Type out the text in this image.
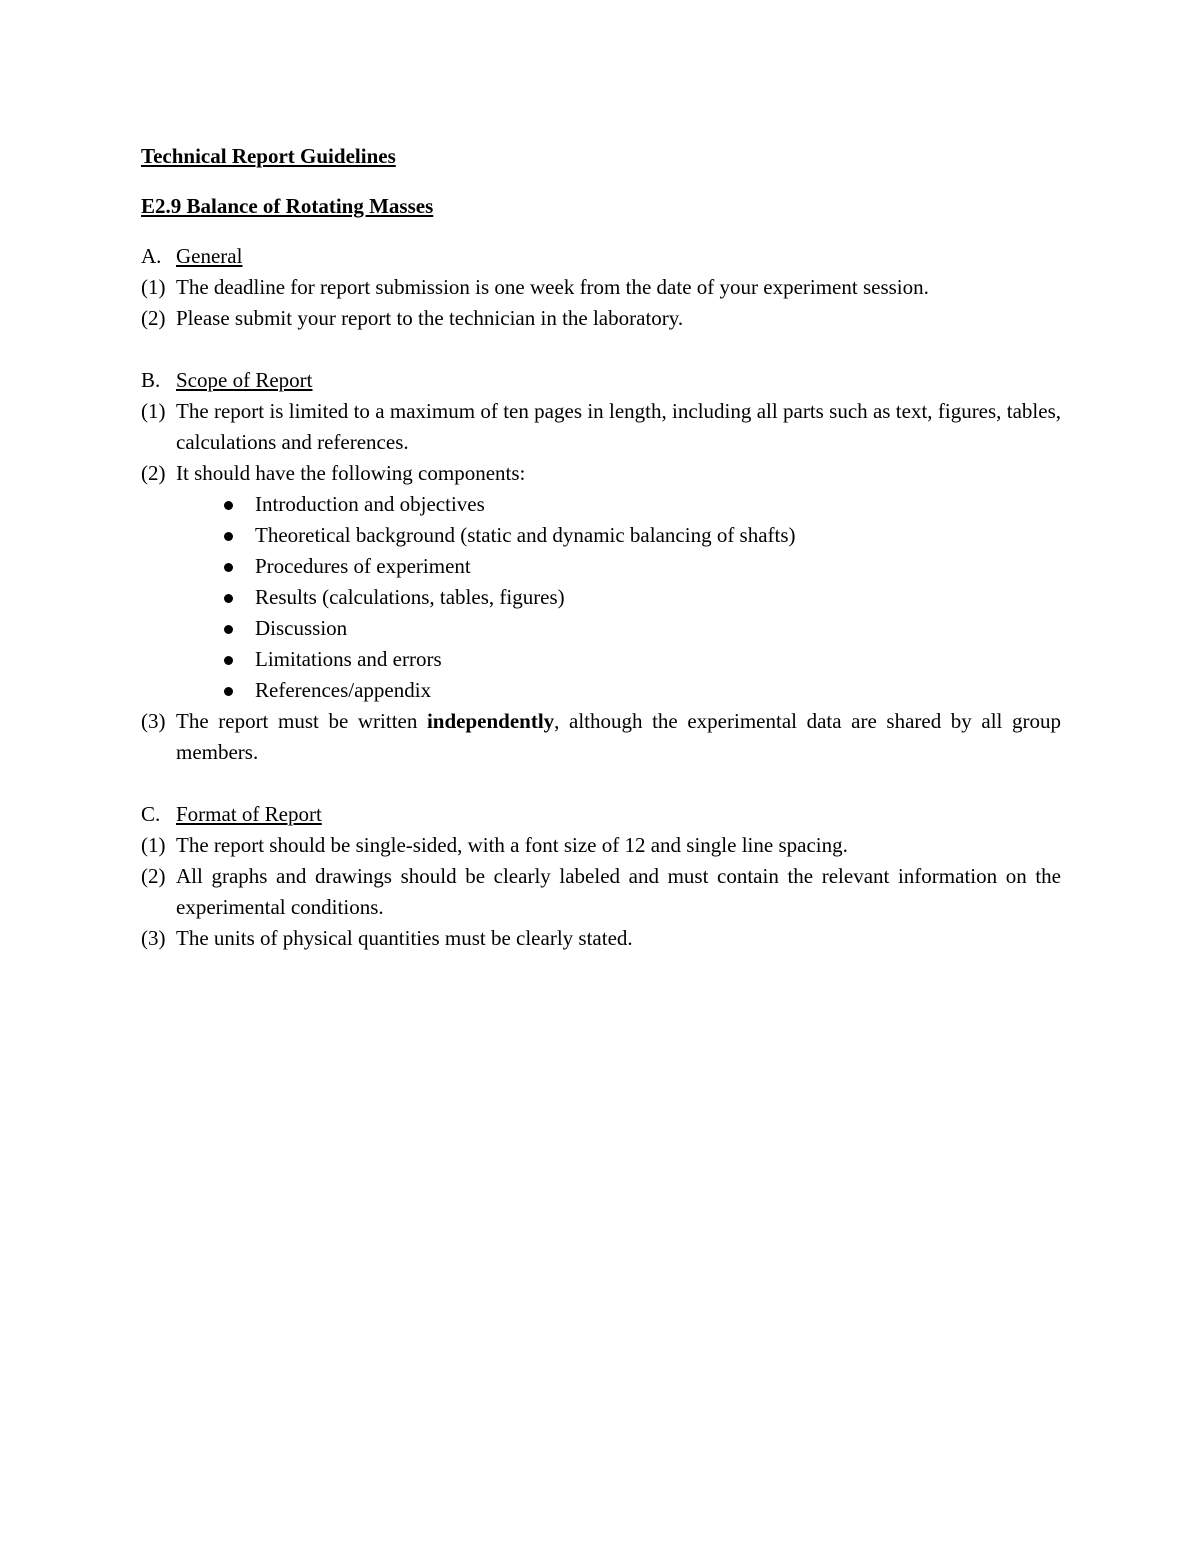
Technical Report Guidelines

E2.9 Balance of Rotating Masses

A. General
(1) The deadline for report submission is one week from the date of your experiment session.
(2) Please submit your report to the technician in the laboratory.
B. Scope of Report
(1) The report is limited to a maximum of ten pages in length, including all parts such as text, figures, tables, calculations and references.
(2) It should have the following components:
Introduction and objectives
Theoretical background (static and dynamic balancing of shafts)
Procedures of experiment
Results (calculations, tables, figures)
Discussion
Limitations and errors
References/appendix
(3) The report must be written independently, although the experimental data are shared by all group members.
C. Format of Report
(1) The report should be single-sided, with a font size of 12 and single line spacing.
(2) All graphs and drawings should be clearly labeled and must contain the relevant information on the experimental conditions.
(3) The units of physical quantities must be clearly stated.
